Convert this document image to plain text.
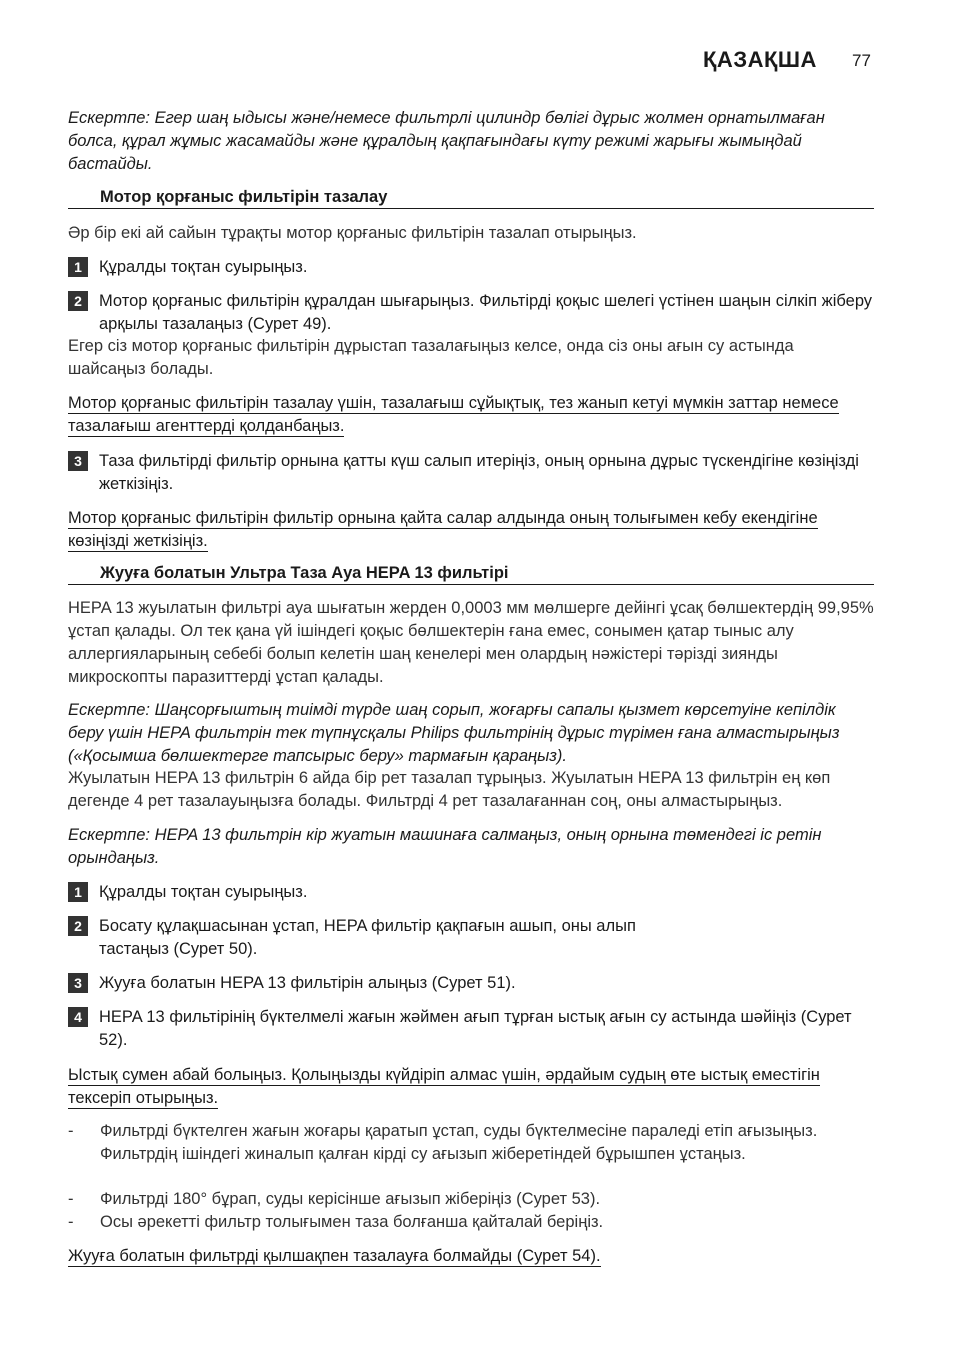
ҚАЗАҚША 77
Ескертпе: Егер шаң ыдысы және/немесе фильтрлі цилиндр бөлігі дұрыс жолмен орнатылмаған болса, құрал жұмыс жасамайды және құралдың қақпағындағы күту режимі жарығы жымыңдай бастайды.
Мотор қорғаныс фильтірін тазалау
Әр бір екі ай сайын тұрақты мотор қорғаныс фильтірін тазалап отырыңыз.
1	Құралды тоқтан суырыңыз.
2	Мотор қорғаныс фильтірін құралдан шығарыңыз. Фильтірді қоқыс шелегі үстінен шаңын сілкіп жіберу арқылы тазалаңыз (Сурет 49).
Егер сіз мотор қорғаныс фильтірін дұрыстап тазалағыңыз келсе, онда сіз оны ағын су астында шайсаңыз болады.
Мотор қорғаныс фильтірін тазалау үшін, тазалағыш сұйықтық, тез жанып кетуі мүмкін заттар немесе тазалағыш агенттерді қолданбаңыз.
3	Таза фильтірді фильтір орнына қатты күш салып итеріңіз, оның орнына дұрыс түскендігіне көзіңізді жеткізіңіз.
Мотор қорғаныс фильтірін фильтір орнына қайта салар алдында оның толығымен кебу екендігіне көзіңізді жеткізіңіз.
Жууға болатын Ультра Таза Ауа HEPA 13 фильтірі
HEPA 13 жуылатын фильтрі ауа шығатын жерден 0,0003 мм мөлшерге дейінгі ұсақ бөлшектердің 99,95% ұстап қалады. Ол тек қана үй ішіндегі қоқыс бөлшектерін ғана емес, сонымен қатар тыныс алу аллергияларының себебі болып келетін шаң кенелері мен олардың нәжістері тәрізді зиянды микроскопты паразиттерді ұстап қалады.
Ескертпе: Шаңсорғыштың тиімді түрде шаң сорып, жоғарғы сапалы қызмет көрсетуіне кепілдік беру үшін HEPA фильтрін тек түпнұсқалы Philips фильтрінің дұрыс түрімен ғана алмастырыңыз («Қосымша бөлшектерге тапсырыс беру» тармағын қараңыз).
Жуылатын HEPA 13 фильтрін 6 айда бір рет тазалап тұрыңыз. Жуылатын HEPA 13 фильтрін ең көп дегенде 4 рет тазалауыңызға болады. Фильтрді 4 рет тазалағаннан соң, оны алмастырыңыз.
Ескертпе: HEPA 13 фильтрін кір жуатын машинаға салмаңыз, оның орнына төмендегі іс ретін орындаңыз.
1	Құралды тоқтан суырыңыз.
2	Босату құлақшасынан ұстап, HEPA фильтір қақпағын ашып, оны алып тастаңыз (Сурет 50).
3	Жууға болатын HEPA 13 фильтірін алыңыз (Сурет 51).
4	HEPA 13 фильтірінің бүктелмелі жағын жәймен ағып тұрған ыстық ағын су астында шәйіңіз (Сурет 52).
Ыстық сумен абай болыңыз. Қолыңызды күйдіріп алмас үшін, әрдайым судың өте ыстық еместігін тексеріп отырыңыз.
-	Фильтрді бүктелген жағын жоғары қаратып ұстап, суды бүктелмесіне параледі етіп ағызыңыз. Фильтрдің ішіндегі жиналып қалған кірді су ағызып жіберетіндей бұрышпен ұстаңыз.
-	Фильтрді 180° бұрап, суды керісінше ағызып жіберіңіз (Сурет 53).
-	Осы әрекетті фильтр толығымен таза болғанша қайталай беріңіз.
Жууға болатын фильтрді қылшақпен тазалауға болмайды (Сурет 54).
